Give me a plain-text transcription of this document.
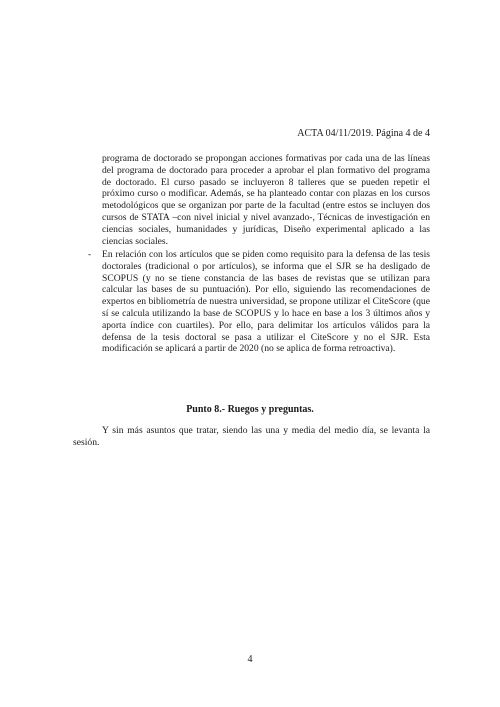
ACTA 04/11/2019. Página 4 de 4

programa de doctorado se propongan acciones formativas por cada una de las líneas del programa de doctorado para proceder a aprobar el plan formativo del programa de doctorado. El curso pasado se incluyeron 8 talleres que se pueden repetir el próximo curso o modificar. Además, se ha planteado contar con plazas en los cursos metodológicos que se organizan por parte de la facultad (entre estos se incluyen dos cursos de STATA –con nivel inicial y nivel avanzado-, Técnicas de investigación en ciencias sociales, humanidades y jurídicas, Diseño experimental aplicado a las ciencias sociales.

- En relación con los artículos que se piden como requisito para la defensa de las tesis doctorales (tradicional o por artículos), se informa que el SJR se ha desligado de SCOPUS (y no se tiene constancia de las bases de revistas que se utilizan para calcular las bases de su puntuación). Por ello, siguiendo las recomendaciones de expertos en bibliometría de nuestra universidad, se propone utilizar el CiteScore (que sí se calcula utilizando la base de SCOPUS y lo hace en base a los 3 últimos años y aporta índice con cuartiles). Por ello, para delimitar los artículos válidos para la defensa de la tesis doctoral se pasa a utilizar el CiteScore y no el SJR. Esta modificación se aplicará a partir de 2020 (no se aplica de forma retroactiva).

Punto 8.- Ruegos y preguntas.

Y sin más asuntos que tratar, siendo las una y media del medio día, se levanta la sesión.

4
